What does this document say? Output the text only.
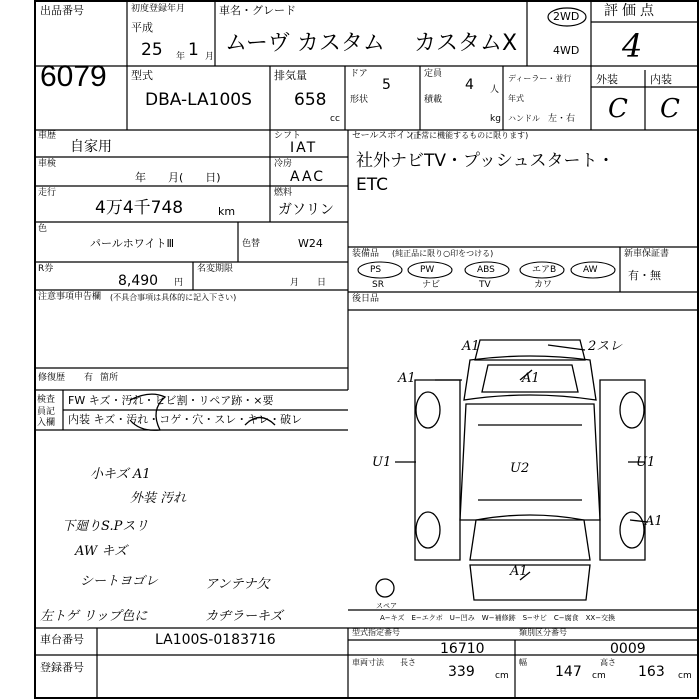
出品番号
6079
初度登録年月
平成
25 年 1 月
車名・グレード
ムーヴ カスタム カスタムX
2WD
4WD
評価点
4
型式
DBA-LA100S
排気量
658
cc
ドア
5
定員
4 人
形状	積載
kg
ディーラー・並行
年式
ハンドル 左・右
外装	内装
C C
車歴
自家用
シフト
IAT
車検
年　　月(　　日)
冷房
AAC
走行
4万4千748	km
燃料
ガソリン
色
パールホワイトⅢ	色替	W24
R券
8,490 円
名変期限
月　　日
セールスポイント
(正常に機能するものに限ります)
社外ナビTV・プッシュスタート・
ETC
装備品 (純正品に限り○印をつける)
PS
SR
PW
ナビ
ABS
TV
エアB
カワ
AW
新車保証書
有・無
後日品
注意事項申告欄 (不具合事項は具体的に記入下さい)
修復歴 有 箇所
検査員記入欄
FW キズ・汚れ・ヒビ割・リペア跡・×要
内装 キズ・汚れ・コゲ・穴・スレ・キレ・破レ
小キズ A1
外装 汚れ
下廻りS.Pスリ
AW キズ
シートヨゴレ	アンテナ欠
左トゲ リップ色に	カヂラーキズ
A1	2スレ
A1	A1
U1	U2	U1
A1
A1
スペア
A−キズ　E−エクボ　U−凹み　W−補修跡　S−サビ　C−腐食　XX−交換
車台番号	LA100S-0183716
登録番号
型式指定番号
16710
類別区分番号
0009
車両寸法 長さ
339 cm
幅
147 cm
高さ
163 cm
